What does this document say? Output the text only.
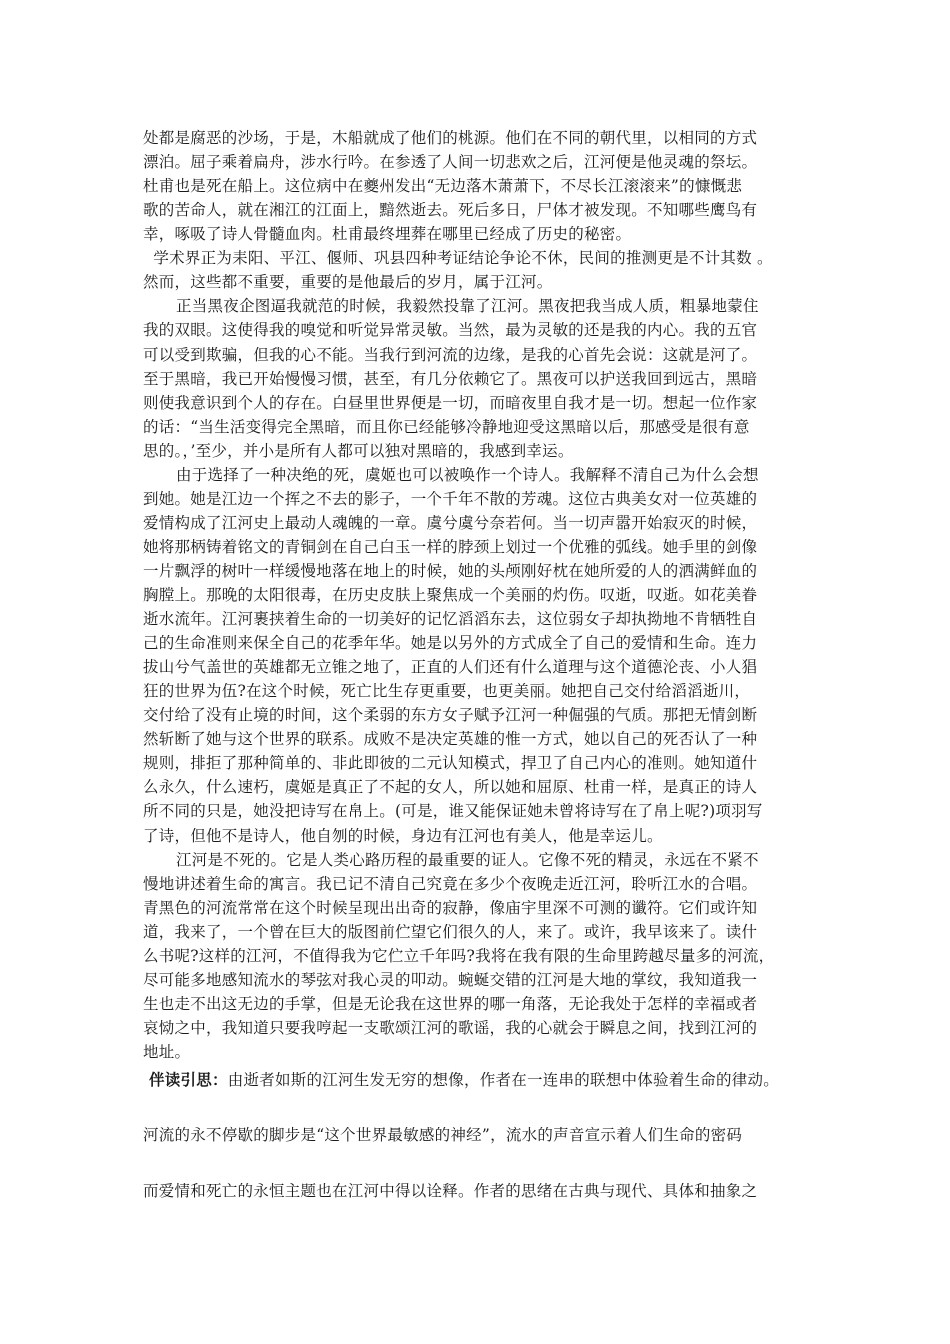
处都是腐恶的沙场，于是，木船就成了他们的桃源。他们在不同的朝代里，以相同的方式

漂泊。屈子乘着扁舟，涉水行吟。在参透了人间一切悲欢之后，江河便是他灵魂的祭坛。

杜甫也是死在船上。这位病中在夔州发出“无边落木萧萧下，不尽长江滚滚来”的慷慨悲

歌的苦命人，就在湘江的江面上，黯然逝去。死后多日，尸体才被发现。不知哪些鹰鸟有

幸，啄吸了诗人骨髓血肉。杜甫最终埋葬在哪里已经成了历史的秘密。

学术界正为耒阳、平江、偃师、巩县四种考证结论争论不休，民间的推测更是不计其数 。

然而，这些都不重要，重要的是他最后的岁月，属于江河。

正当黑夜企图逼我就范的时候，我毅然投靠了江河。黑夜把我当成人质，粗暴地蒙住

我的双眼。这使得我的嗅觉和听觉异常灵敏。当然，最为灵敏的还是我的内心。我的五官

可以受到欺骗，但我的心不能。当我行到河流的边缘，是我的心首先会说：这就是河了。

至于黑暗，我已开始慢慢习惯，甚至，有几分依赖它了。黑夜可以护送我回到远古，黑暗

则使我意识到个人的存在。白昼里世界便是一切，而暗夜里自我才是一切。想起一位作家

的话：“当生活变得完全黑暗，而且你已经能够冷静地迎受这黑暗以后，那感受是很有意

思的。，’至少，并小是所有人都可以独对黑暗的，我感到幸运。

由于选择了一种决绝的死，虞姬也可以被唤作一个诗人。我解释不清自己为什么会想

到她。她是江边一个挥之不去的影子，一个千年不散的芳魂。这位古典美女对一位英雄的

爱情构成了江河史上最动人魂魄的一章。虞兮虞兮奈若何。当一切声嚣开始寂灭的时候，

她将那柄铸着铭文的青铜剑在自己白玉一样的脖颈上划过一个优雅的弧线。她手里的剑像

一片飘浮的树叶一样缓慢地落在地上的时候，她的头颅刚好枕在她所爱的人的洒满鲜血的

胸膛上。那晚的太阳很毒，在历史皮肤上聚焦成一个美丽的灼伤。叹逝，叹逝。如花美眷

逝水流年。江河裹挟着生命的一切美好的记忆滔滔东去，这位弱女子却执拗地不肯牺牲自

己的生命准则来保全自己的花季年华。她是以另外的方式成全了自己的爱情和生命。连力

拔山兮气盖世的英雄都无立锥之地了，正直的人们还有什么道理与这个道德沦丧、小人猖

狂的世界为伍?在这个时候，死亡比生存更重要，也更美丽。她把自己交付给滔滔逝川，

交付给了没有止境的时间，这个柔弱的东方女子赋予江河一种倔强的气质。那把无情剑断

然斩断了她与这个世界的联系。成败不是决定英雄的惟一方式，她以自己的死否认了一种

规则，排拒了那种简单的、非此即彼的二元认知模式，捍卫了自己内心的准则。她知道什

么永久，什么速朽，虞姬是真正了不起的女人，所以她和屈原、杜甫一样，是真正的诗人

所不同的只是，她没把诗写在帛上。(可是，谁又能保证她未曾将诗写在了帛上呢?)项羽写

了诗，但他不是诗人，他自刎的时候，身边有江河也有美人，他是幸运儿。

江河是不死的。它是人类心路历程的最重要的证人。它像不死的精灵，永远在不紧不

慢地讲述着生命的寓言。我已记不清自己究竟在多少个夜晚走近江河，聆听江水的合唱。

青黑色的河流常常在这个时候呈现出出奇的寂静，像庙宇里深不可测的谶符。它们或许知

道，我来了，一个曾在巨大的版图前伫望它们很久的人，来了。或许，我早该来了。读什

么书呢?这样的江河，不值得我为它伫立千年吗?我将在我有限的生命里跨越尽量多的河流，

尽可能多地感知流水的琴弦对我心灵的叩动。蜿蜒交错的江河是大地的掌纹，我知道我一

生也走不出这无边的手掌，但是无论我在这世界的哪一角落，无论我处于怎样的幸福或者

哀恸之中，我知道只要我哼起一支歌颂江河的歌谣，我的心就会于瞬息之间，找到江河的

地址。

伴读引思：由逝者如斯的江河生发无穷的想像，作者在一连串的联想中体验着生命的律动。

河流的永不停歇的脚步是“这个世界最敏感的神经”，流水的声音宣示着人们生命的密码

而爱情和死亡的永恒主题也在江河中得以诠释。作者的思绪在古典与现代、具体和抽象之
